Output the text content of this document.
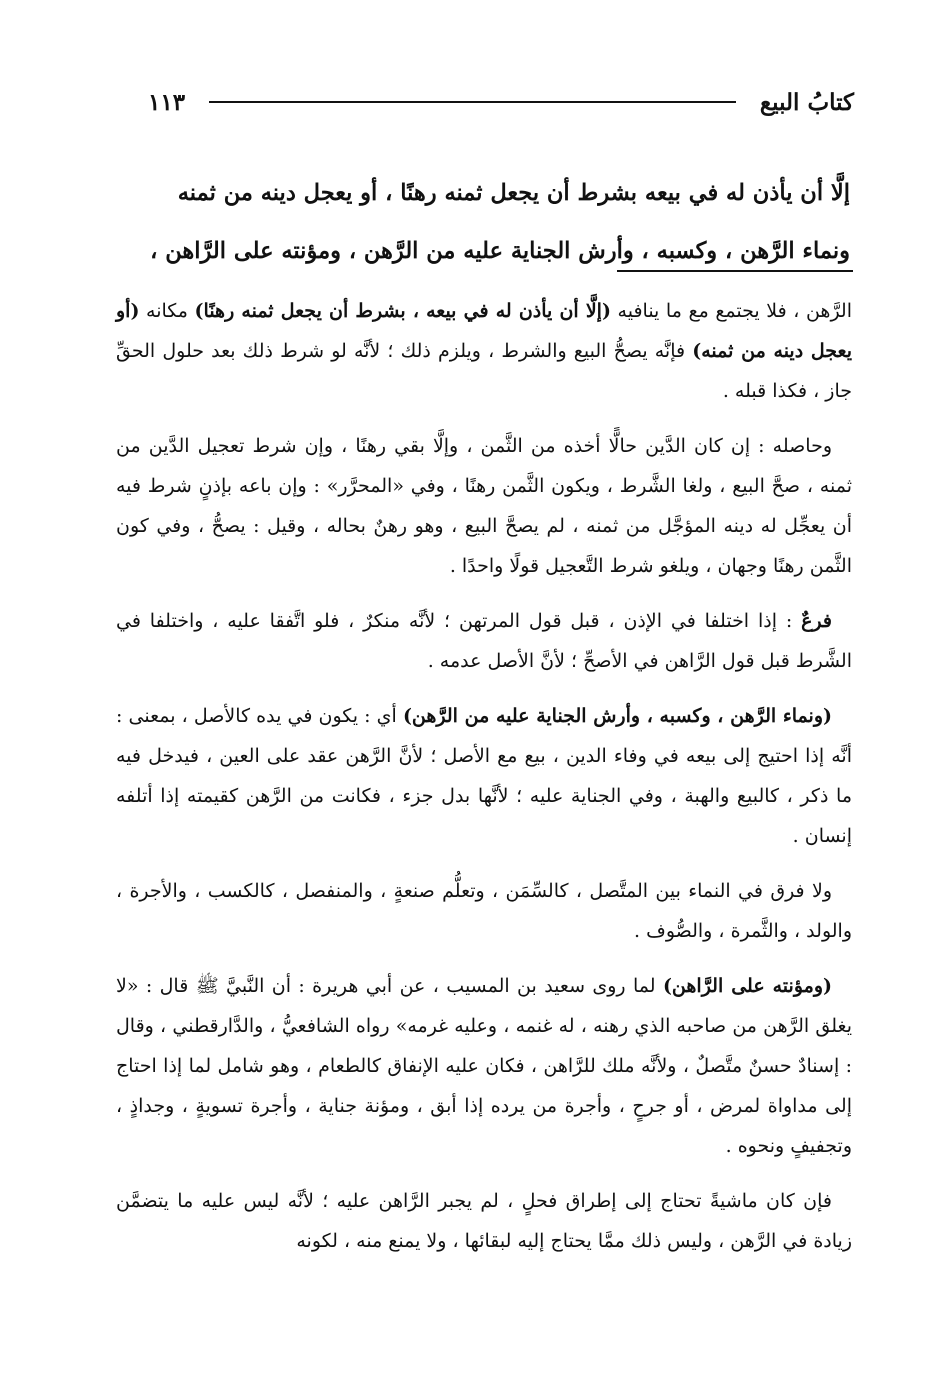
كتابُ البيع
١١٣

إلَّا أن يأذن له في بيعه بشرط أن يجعل ثمنه رهنًا ، أو يعجل دينه من ثمنه

ونماء الرَّهن ، وكسبه ، وأرش الجناية عليه من الرَّهن ، ومؤنته على الرَّاهن ،

الرَّهن ، فلا يجتمع مع ما ينافيه (إلَّا أن يأذن له في بيعه ، بشرط أن يجعل ثمنه رهنًا) مكانه (أو يعجل دينه من ثمنه) فإنَّه يصحُّ البيع والشرط ، ويلزم ذلك ؛ لأنَّه لو شرط ذلك بعد حلول الحقِّ جاز ، فكذا قبله .

وحاصله : إن كان الدَّين حالًّا أخذه من الثَّمن ، وإلَّا بقي رهنًا ، وإن شرط تعجيل الدَّين من ثمنه ، صحَّ البيع ، ولغا الشَّرط ، ويكون الثَّمن رهنًا ، وفي «المحرَّر» : وإن باعه بإذنٍ شرط فيه أن يعجِّل له دينه المؤجَّل من ثمنه ، لم يصحَّ البيع ، وهو رهنٌ بحاله ، وقيل : يصحُّ ، وفي كون الثَّمن رهنًا وجهان ، ويلغو شرط التَّعجيل قولًا واحدًا .

فرعٌ : إذا اختلفا في الإذن ، قبل قول المرتهن ؛ لأنَّه منكرٌ ، فلو اتَّفقا عليه ، واختلفا في الشَّرط قبل قول الرَّاهن في الأصحِّ ؛ لأنَّ الأصل عدمه .

(ونماء الرَّهن ، وكسبه ، وأرش الجناية عليه من الرَّهن) أي : يكون في يده كالأصل ، بمعنى : أنَّه إذا احتيج إلى بيعه في وفاء الدين ، بيع مع الأصل ؛ لأنَّ الرَّهن عقد على العين ، فيدخل فيه ما ذكر ، كالبيع والهبة ، وفي الجناية عليه ؛ لأنَّها بدل جزء ، فكانت من الرَّهن كقيمته إذا أتلفه إنسان .

ولا فرق في النماء بين المتَّصل ، كالسِّمَن ، وتعلُّم صنعةٍ ، والمنفصل ، كالكسب ، والأجرة ، والولد ، والثَّمرة ، والصُّوف .

(ومؤنته على الرَّاهن) لما روى سعيد بن المسيب ، عن أبي هريرة : أن النَّبيَّ ﷺ قال : «لا يغلق الرَّهن من صاحبه الذي رهنه ، له غنمه ، وعليه غرمه» رواه الشافعيُّ ، والدَّارقطني ، وقال : إسنادٌ حسنٌ متَّصلٌ ، ولأنَّه ملك للرَّاهن ، فكان عليه الإنفاق كالطعام ، وهو شامل لما إذا احتاج إلى مداواة لمرض ، أو جرحٍ ، وأجرة من يرده إذا أبق ، ومؤنة جناية ، وأجرة تسويةٍ ، وجداذٍ ، وتجفيفٍ ونحوه .

فإن كان ماشيةً تحتاج إلى إطراق فحلٍ ، لم يجبر الرَّاهن عليه ؛ لأنَّه ليس عليه ما يتضمَّن زيادة في الرَّهن ، وليس ذلك ممَّا يحتاج إليه لبقائها ، ولا يمنع منه ، لكونه
